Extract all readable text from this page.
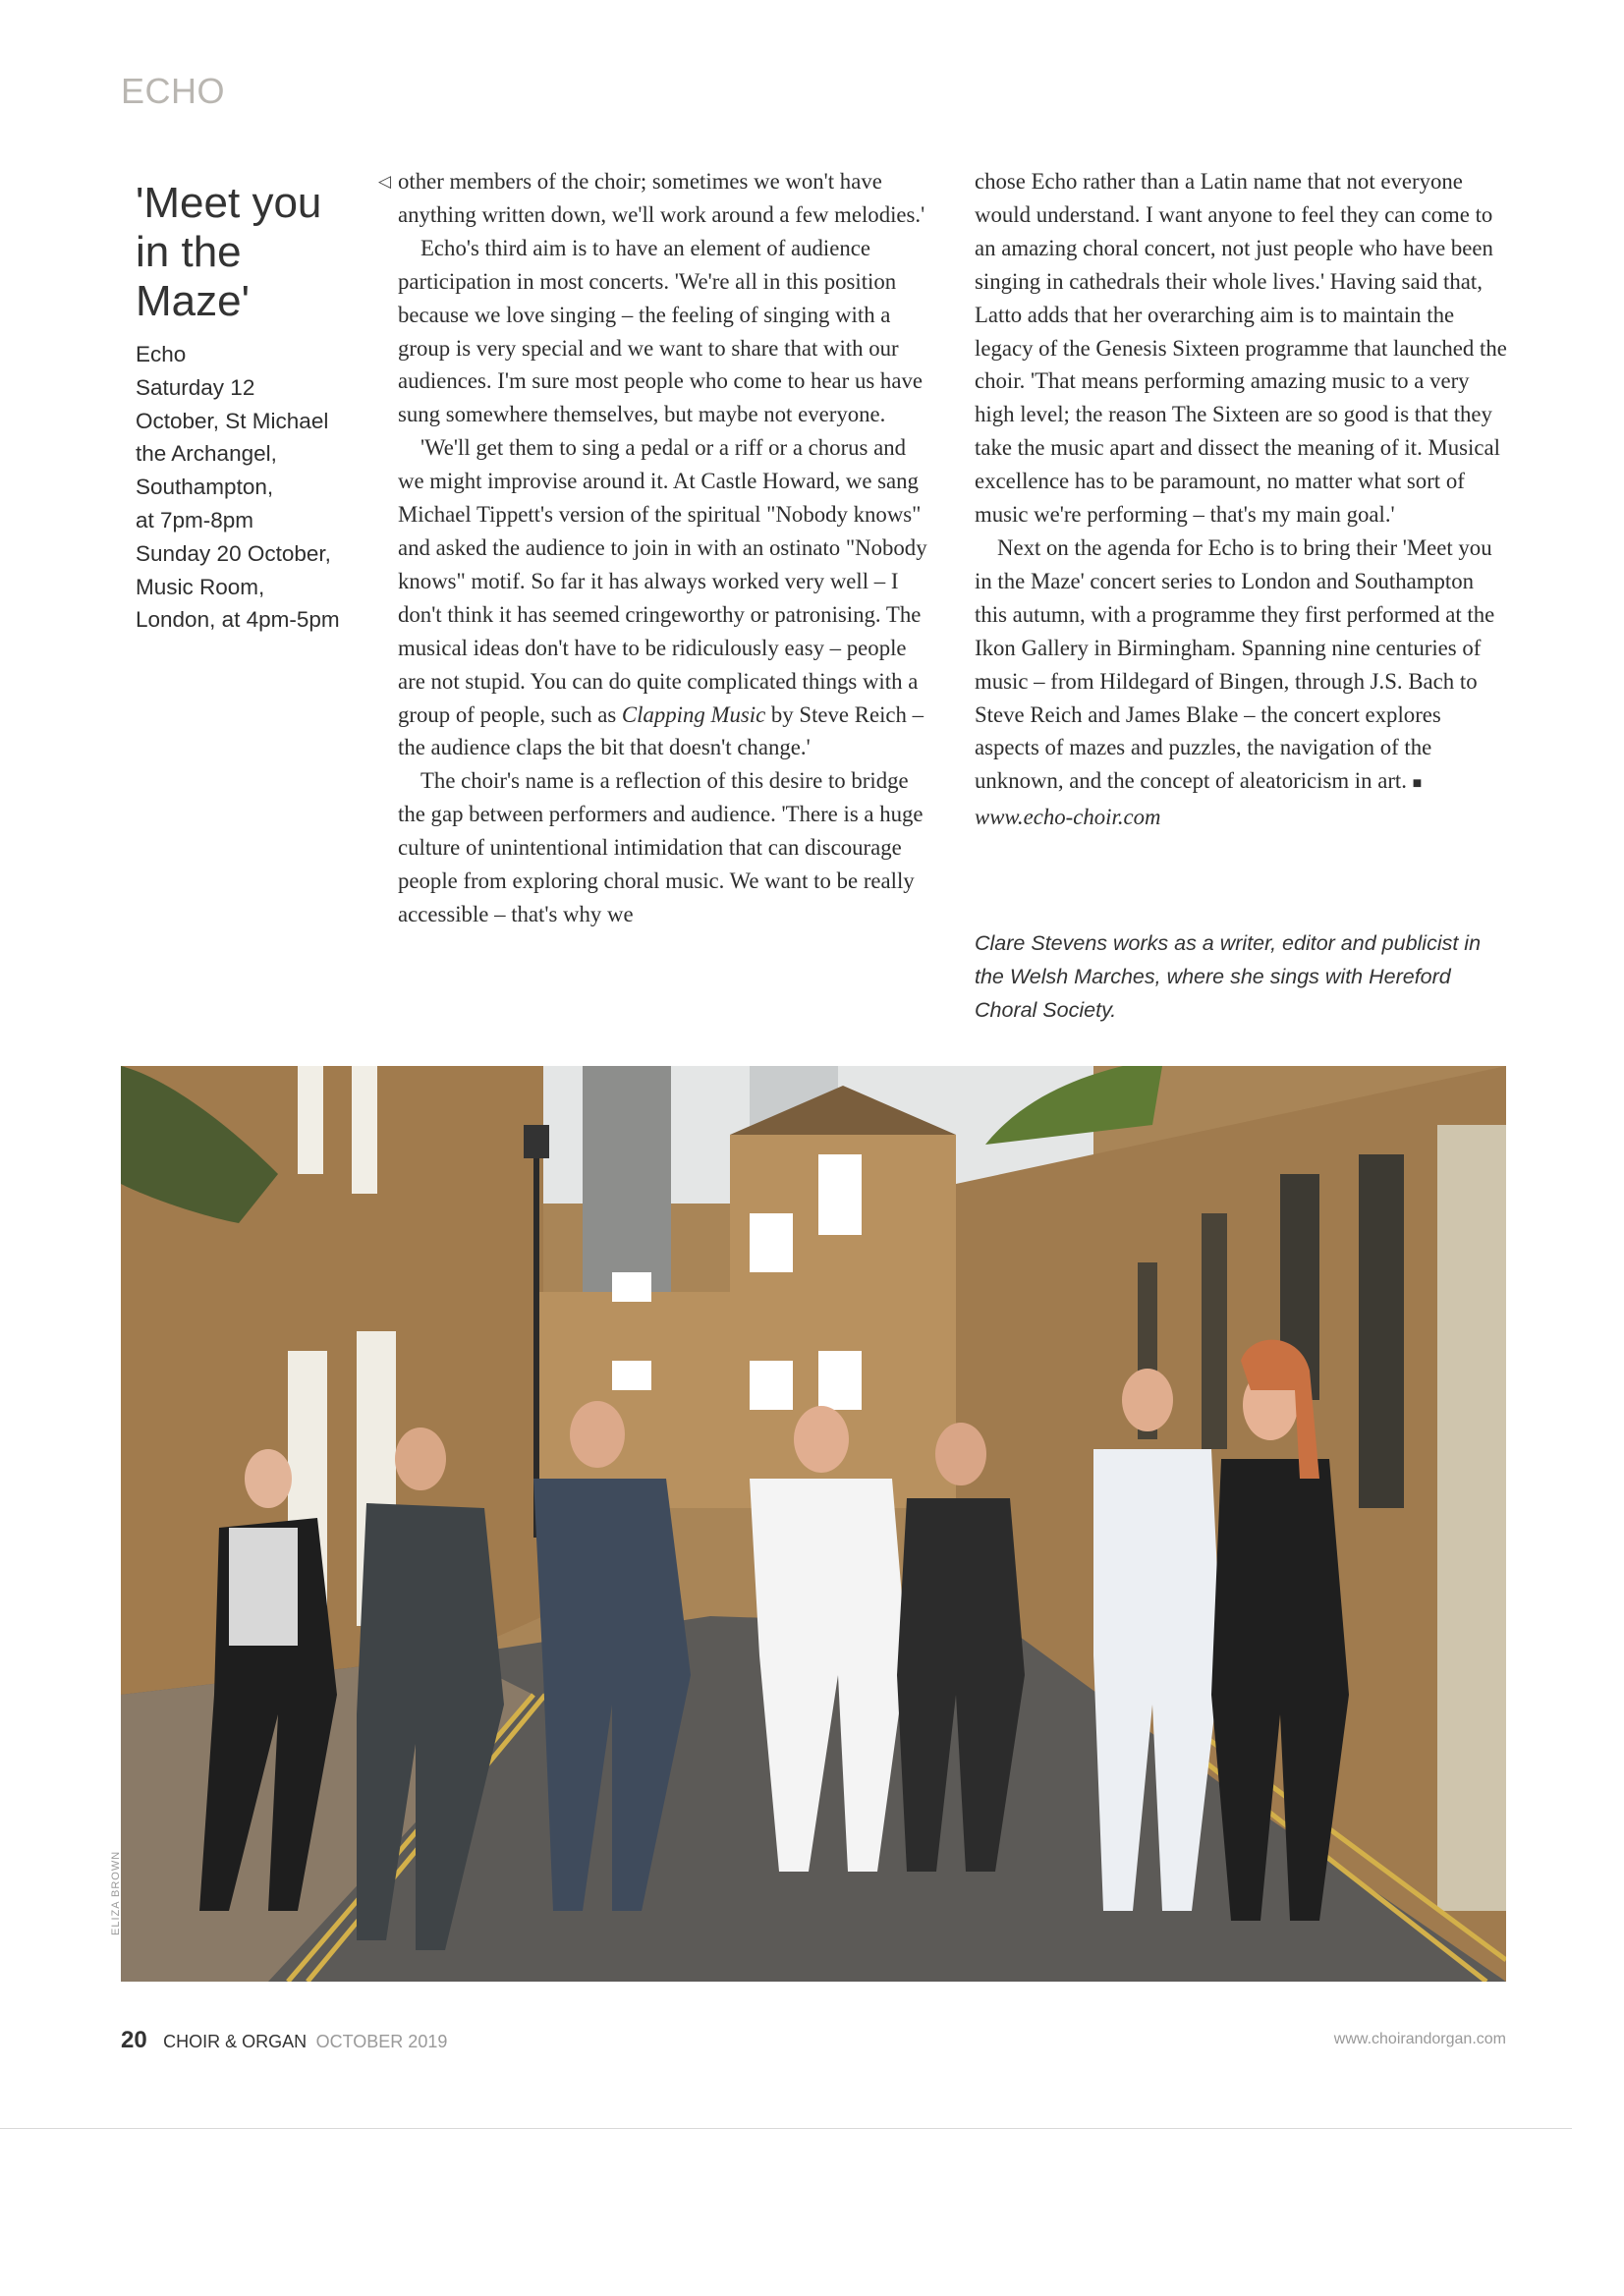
ECHO
'Meet you
in the
Maze'
Echo
Saturday 12
October, St Michael
the Archangel,
Southampton,
at 7pm-8pm
Sunday 20 October,
Music Room,
London, at 4pm-5pm
◁ other members of the choir; sometimes we won't have anything written down, we'll work around a few melodies.'

Echo's third aim is to have an element of audience participation in most concerts. 'We're all in this position because we love singing – the feeling of singing with a group is very special and we want to share that with our audiences. I'm sure most people who come to hear us have sung somewhere themselves, but maybe not everyone.

'We'll get them to sing a pedal or a riff or a chorus and we might improvise around it. At Castle Howard, we sang Michael Tippett's version of the spiritual "Nobody knows" and asked the audience to join in with an ostinato "Nobody knows" motif. So far it has always worked very well – I don't think it has seemed cringeworthy or patronising. The musical ideas don't have to be ridiculously easy – people are not stupid. You can do quite complicated things with a group of people, such as Clapping Music by Steve Reich – the audience claps the bit that doesn't change.'

The choir's name is a reflection of this desire to bridge the gap between performers and audience. 'There is a huge culture of unintentional intimidation that can discourage people from exploring choral music. We want to be really accessible – that's why we

chose Echo rather than a Latin name that not everyone would understand. I want anyone to feel they can come to an amazing choral concert, not just people who have been singing in cathedrals their whole lives.' Having said that, Latto adds that her overarching aim is to maintain the legacy of the Genesis Sixteen programme that launched the choir. 'That means performing amazing music to a very high level; the reason The Sixteen are so good is that they take the music apart and dissect the meaning of it. Musical excellence has to be paramount, no matter what sort of music we're performing – that's my main goal.'

Next on the agenda for Echo is to bring their 'Meet you in the Maze' concert series to London and Southampton this autumn, with a programme they first performed at the Ikon Gallery in Birmingham. Spanning nine centuries of music – from Hildegard of Bingen, through J.S. Bach to Steve Reich and James Blake – the concert explores aspects of mazes and puzzles, the navigation of the unknown, and the concept of aleatoricism in art. ■

www.echo-choir.com

Clare Stevens works as a writer, editor and publicist in the Welsh Marches, where she sings with Hereford Choral Society.
ELIZA BROWN
20 CHOIR & ORGAN OCTOBER 2019	www.choirandorgan.com
